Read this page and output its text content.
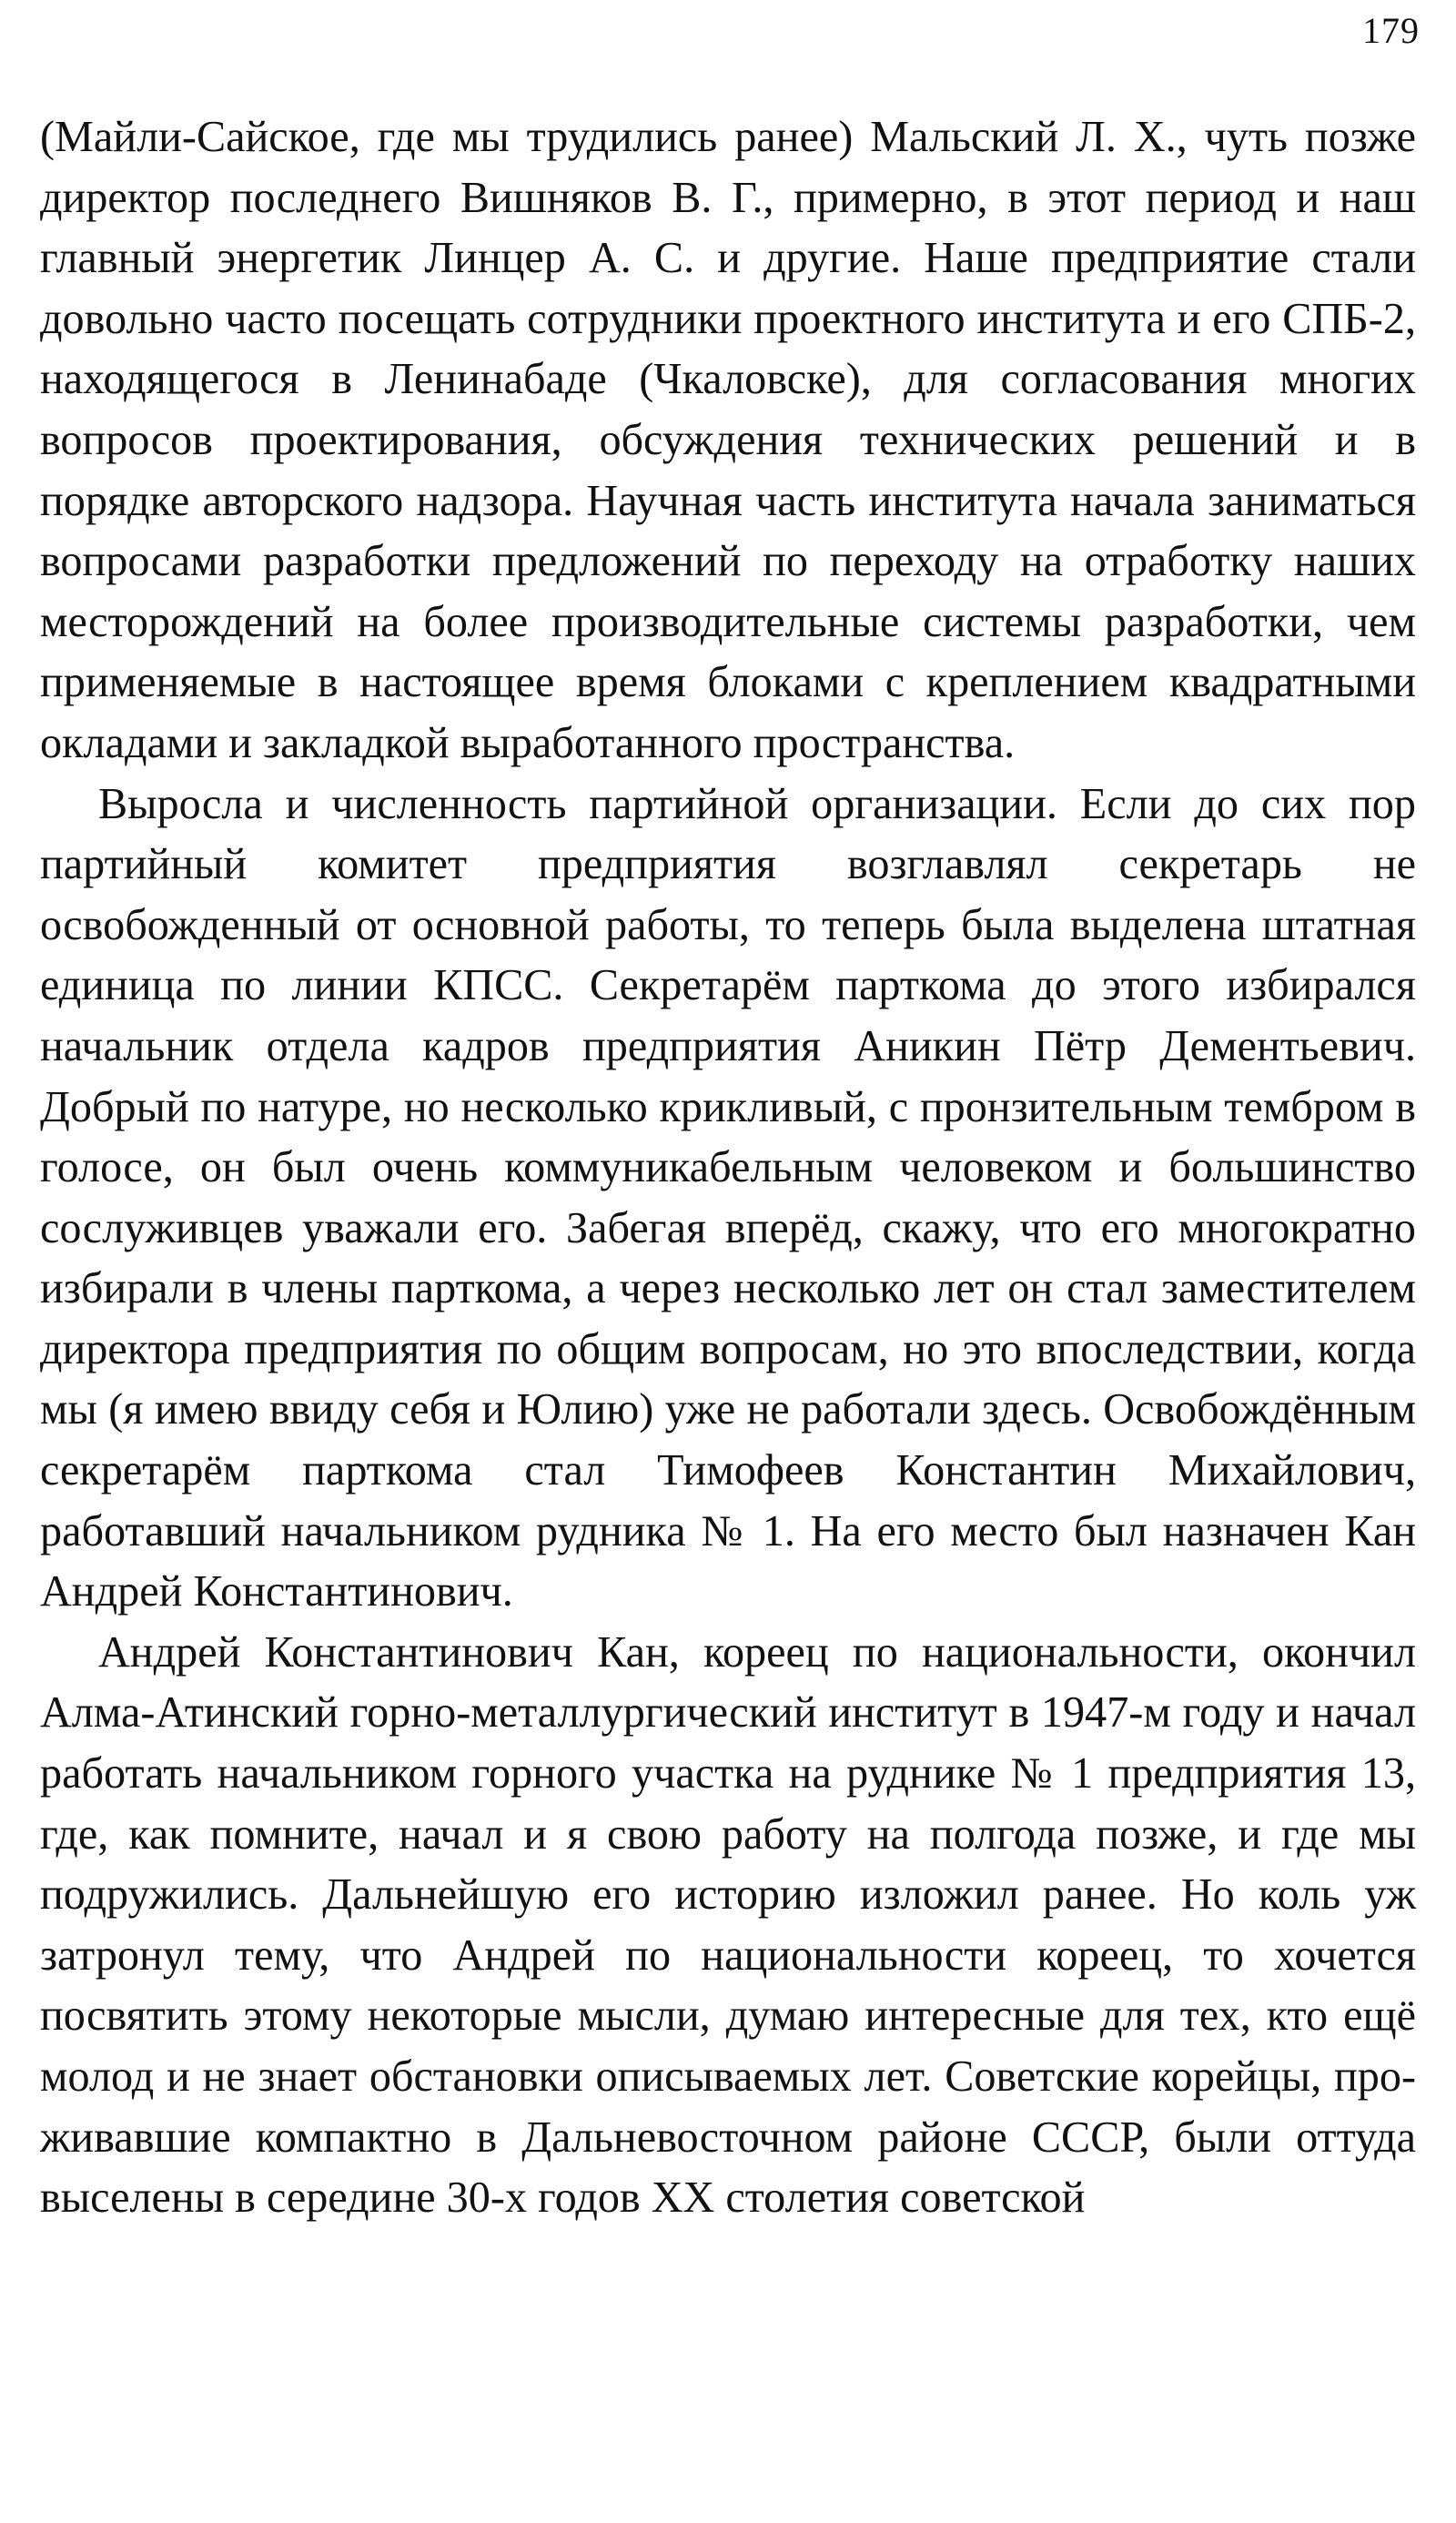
179

(Майли-Сайское, где мы трудились ранее) Мальский Л. Х., чуть позже директор последнего Вишняков В. Г., примерно, в этот период и наш главный энергетик Линцер А. С. и другие. Наше предприятие стали довольно часто посещать сотрудники проектного института и его СПБ-2, находящегося в Ленинабаде (Чкаловске), для согласования многих вопросов проектирования, обсуждения технических решений и в порядке авторского надзора. Научная часть института начала заниматься вопросами разработки предложений по переходу на отработку наших месторождений на более производительные системы разработки, чем применяемые в настоящее время блоками с креплением квадратными окладами и закладкой выработанного пространства.

Выросла и численность партийной организации. Если до сих пор партийный комитет предприятия возглавлял секретарь не освобожденный от основной работы, то теперь была выделена штатная единица по линии КПСС. Секретарём парткома до этого избирался начальник отдела кадров предприятия Аникин Пётр Дементьевич. Добрый по натуре, но несколько крикливый, с пронзительным тембром в голосе, он был очень коммуникабельным человеком и большинство сослуживцев уважали его. Забегая вперёд, скажу, что его многократно избирали в члены парткома, а через несколько лет он стал заместителем директора предприятия по общим вопросам, но это впоследствии, когда мы (я имею ввиду себя и Юлию) уже не работали здесь. Освобождённым секретарём парткома стал Тимофеев Константин Михайлович, работавший начальником рудника № 1. На его место был назначен Кан Андрей Константинович.

Андрей Константинович Кан, кореец по национальности, окончил Алма-Атинский горно-металлургический институт в 1947-м году и начал работать начальником горного участка на руднике № 1 предприятия 13, где, как помните, начал и я свою работу на полгода позже, и где мы подружились. Дальнейшую его историю изложил ранее. Но коль уж затронул тему, что Андрей по национальности кореец, то хочется посвятить этому некоторые мысли, думаю интересные для тех, кто ещё молод и не знает обстановки описываемых лет. Советские корейцы, проживавшие компактно в Дальневосточном районе СССР, были оттуда выселены в середине 30-х годов XX столетия советской
